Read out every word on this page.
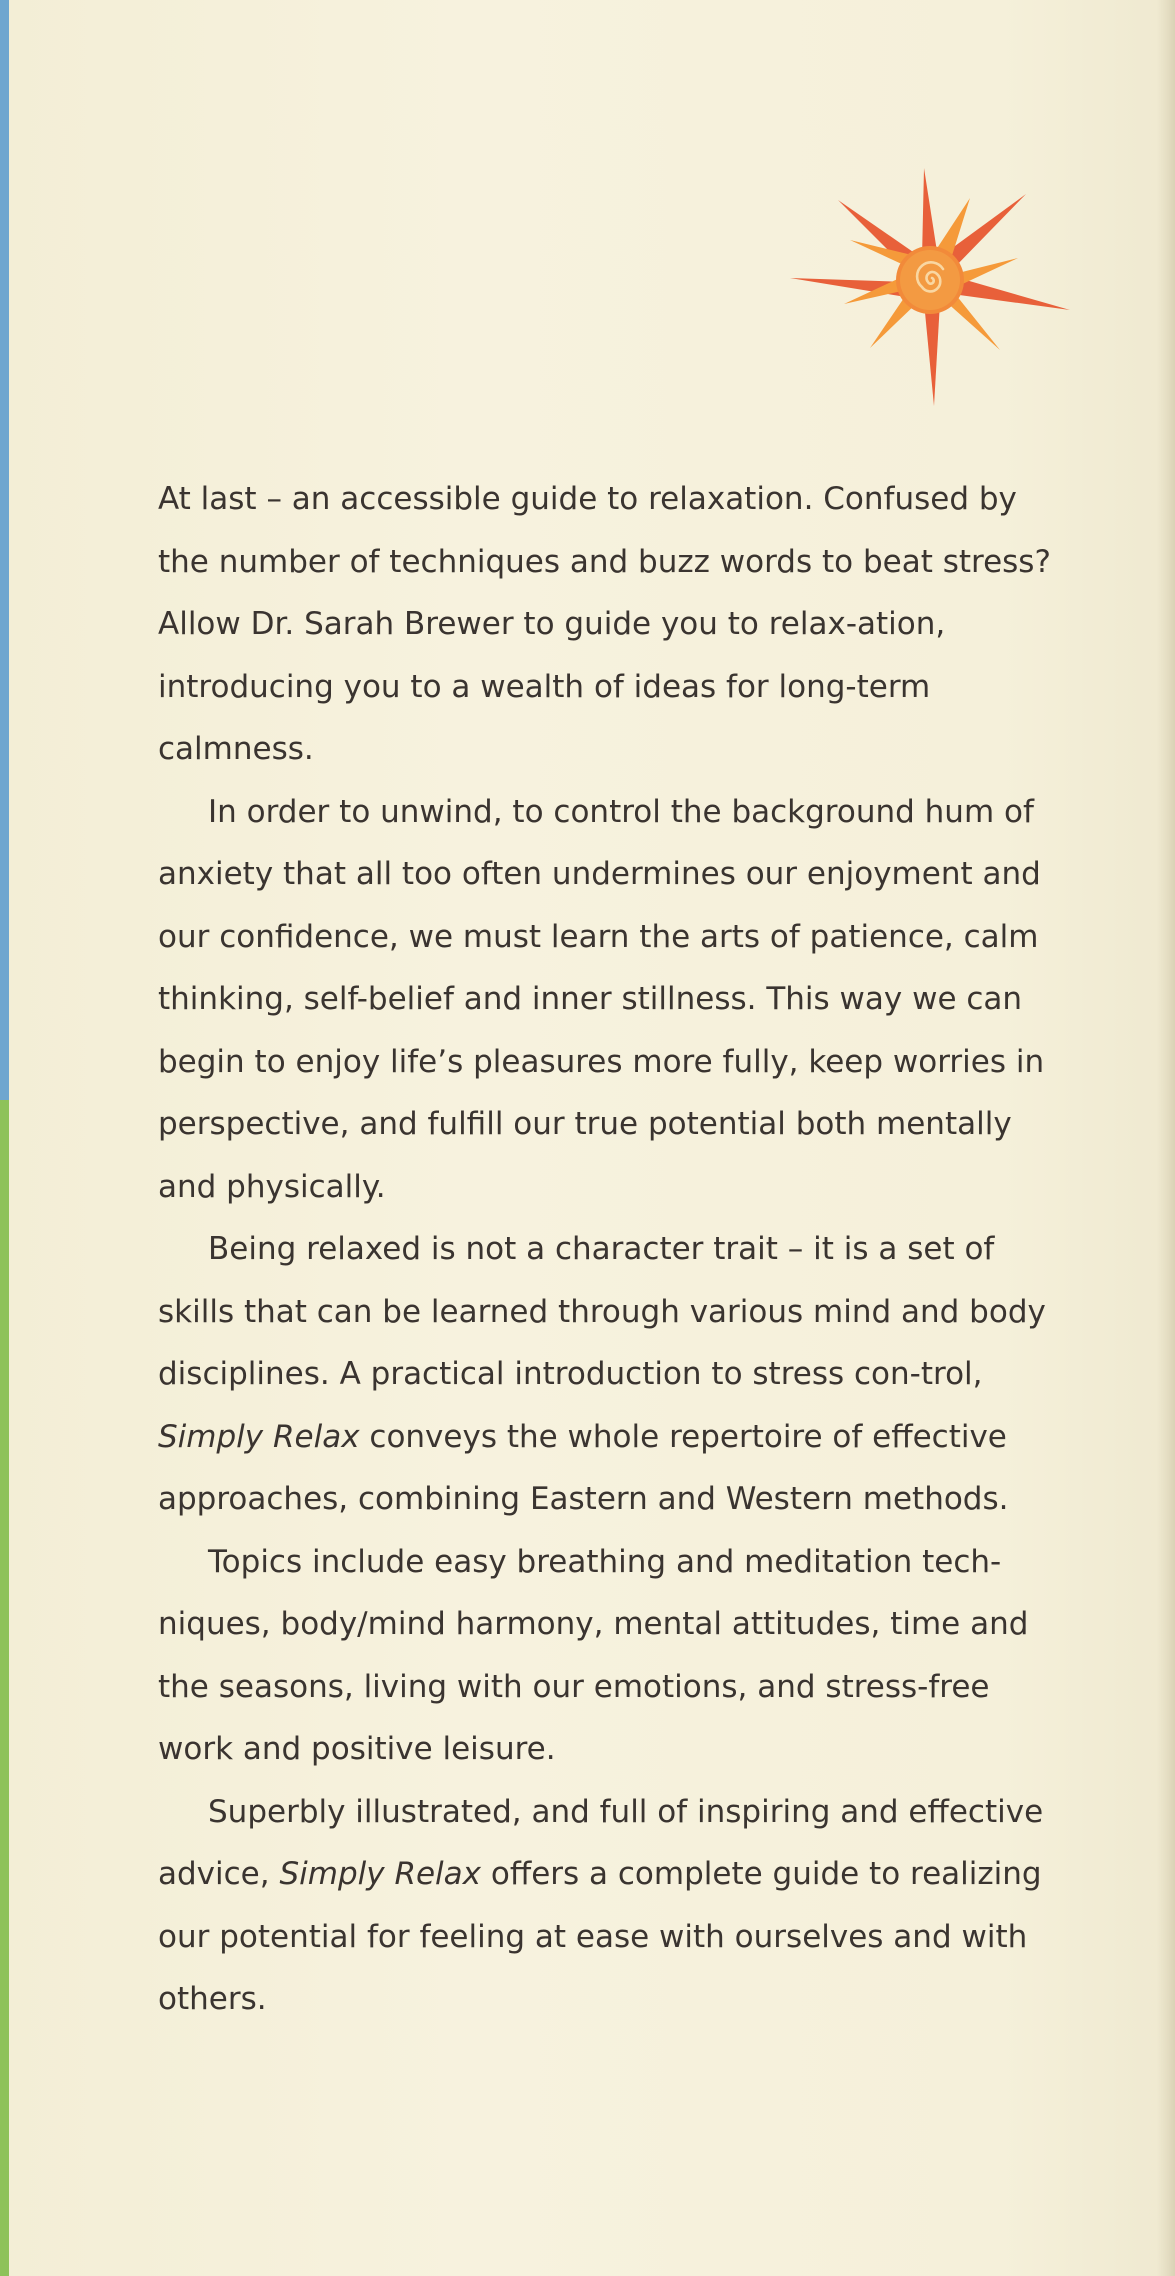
At last – an accessible guide to relaxation. Confused by the number of techniques and buzz words to beat stress? Allow Dr. Sarah Brewer to guide you to relax-ation, introducing you to a wealth of ideas for long-term calmness.

In order to unwind, to control the background hum of anxiety that all too often undermines our enjoyment and our confidence, we must learn the arts of patience, calm thinking, self-belief and inner stillness. This way we can begin to enjoy life’s pleasures more fully, keep worries in perspective, and fulfill our true potential both mentally and physically.

Being relaxed is not a character trait – it is a set of skills that can be learned through various mind and body disciplines. A practical introduction to stress con-trol, Simply Relax conveys the whole repertoire of effective approaches, combining Eastern and Western methods.

Topics include easy breathing and meditation tech-niques, body/mind harmony, mental attitudes, time and the seasons, living with our emotions, and stress-free work and positive leisure.

Superbly illustrated, and full of inspiring and effective advice, Simply Relax offers a complete guide to realizing our potential for feeling at ease with ourselves and with others.
